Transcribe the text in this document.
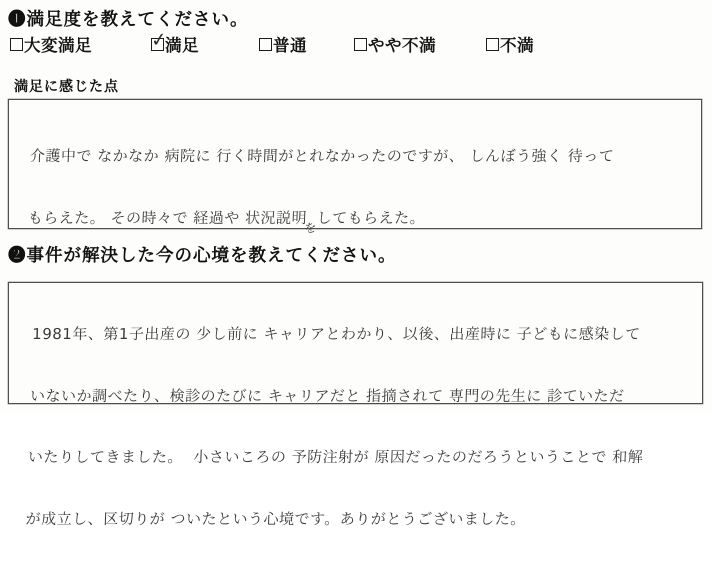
❶満足度を教えてください。
大変満足	✓
満足	普通	やや不満	不満
満足に感じた点

介護中で なかなか 病院に 行く時間がとれなかったのですが、 しんぼう強く 待って

もらえた。 その時々で 経過や 状況説明をしてもらえた。

❷事件が解決した今の心境を教えてください。

1981年、第1子出産の 少し前に キャリアとわかり、以後、出産時に 子どもに感染して

いないか調べたり、検診のたびに キャリアだと 指摘されて 専門の先生に 診ていただ

いたりしてきました。  小さいころの 予防注射が 原因だったのだろうということで 和解

が成立し、区切りが ついたという心境です。ありがとうございました。
